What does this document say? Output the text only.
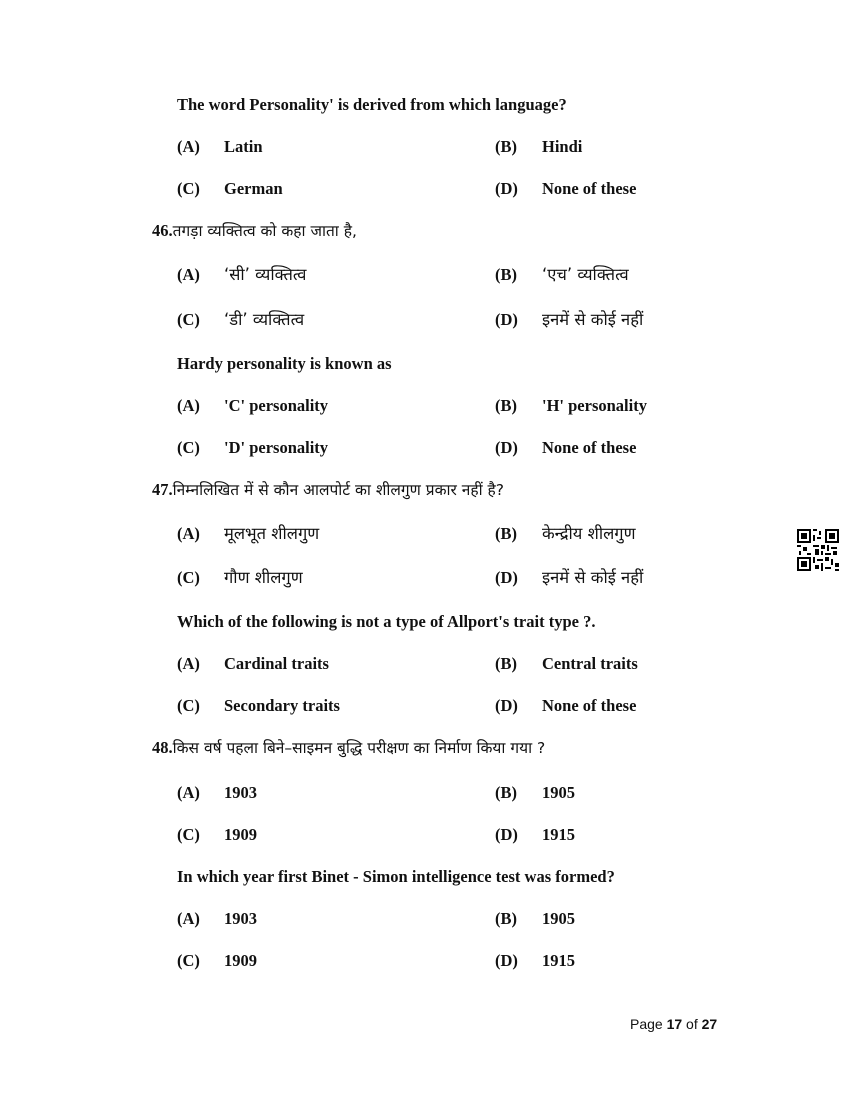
The word Personality' is derived from which language?
(A) Latin	(B) Hindi
(C) German	(D) None of these
46.तगड़ा व्यक्तित्व को कहा जाता है,
(A) ‘सी’ व्यक्तित्व	(B) ‘एच’ व्यक्तित्व
(C) ‘डी’ व्यक्तित्व	(D) इनमें से कोई नहीं
Hardy personality is known as
(A) 'C' personality	(B) 'H' personality
(C) 'D' personality	(D) None of these
47.निम्नलिखित में से कौन आलपोर्ट का शीलगुण प्रकार नहीं है?
(A) मूलभूत शीलगुण	(B) केन्द्रीय शीलगुण
(C) गौण शीलगुण	(D) इनमें से कोई नहीं
Which of the following is not a type of Allport's trait type ?.
(A) Cardinal traits	(B) Central traits
(C) Secondary traits	(D) None of these
48.किस वर्ष पहला बिने–साइमन बुद्धि परीक्षण का निर्माण किया गया ?
(A) 1903	(B) 1905
(C) 1909	(D) 1915
In which year first Binet - Simon intelligence test was formed?
(A) 1903	(B) 1905
(C) 1909	(D) 1915
Page 17 of 27
